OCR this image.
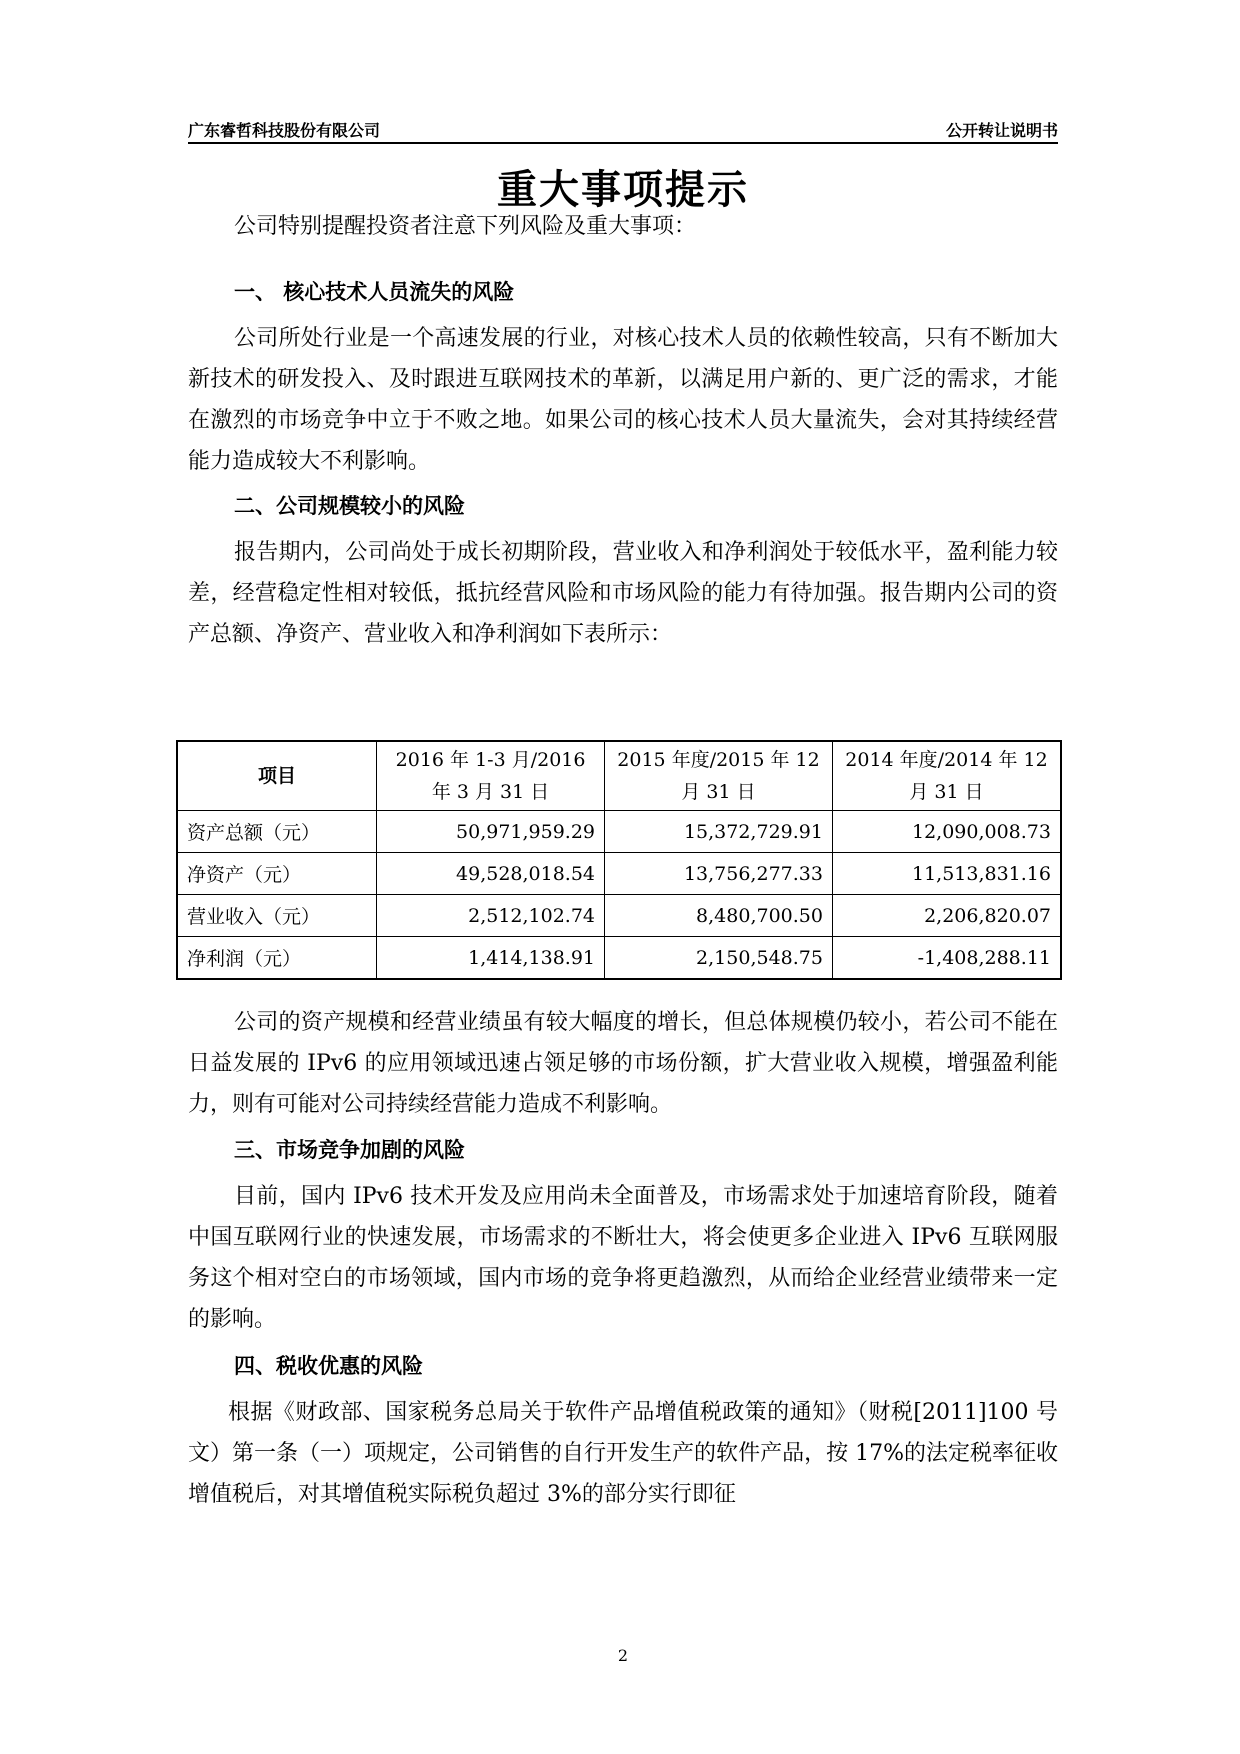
广东睿哲科技股份有限公司	公开转让说明书
重大事项提示

公司特别提醒投资者注意下列风险及重大事项：

一、 核心技术人员流失的风险

公司所处行业是一个高速发展的行业，对核心技术人员的依赖性较高，只有不断加大新技术的研发投入、及时跟进互联网技术的革新，以满足用户新的、更广泛的需求，才能在激烈的市场竞争中立于不败之地。如果公司的核心技术人员大量流失，会对其持续经营能力造成较大不利影响。

二、公司规模较小的风险

报告期内，公司尚处于成长初期阶段，营业收入和净利润处于较低水平，盈利能力较差，经营稳定性相对较低，抵抗经营风险和市场风险的能力有待加强。报告期内公司的资产总额、净资产、营业收入和净利润如下表所示：

项目	2016 年 1-3 月/2016 年 3 月 31 日	2015 年度/2015 年 12 月 31 日	2014 年度/2014 年 12 月 31 日
资产总额（元）	50,971,959.29	15,372,729.91	12,090,008.73
净资产（元）	49,528,018.54	13,756,277.33	11,513,831.16
营业收入（元）	2,512,102.74	8,480,700.50	2,206,820.07
净利润（元）	1,414,138.91	2,150,548.75	-1,408,288.11

公司的资产规模和经营业绩虽有较大幅度的增长，但总体规模仍较小，若公司不能在日益发展的 IPv6 的应用领域迅速占领足够的市场份额，扩大营业收入规模，增强盈利能力，则有可能对公司持续经营能力造成不利影响。

三、市场竞争加剧的风险

目前，国内 IPv6 技术开发及应用尚未全面普及，市场需求处于加速培育阶段，随着中国互联网行业的快速发展，市场需求的不断壮大，将会使更多企业进入 IPv6 互联网服务这个相对空白的市场领域，国内市场的竞争将更趋激烈，从而给企业经营业绩带来一定的影响。

四、税收优惠的风险

根据《财政部、国家税务总局关于软件产品增值税政策的通知》（财税[2011]100 号文）第一条（一）项规定，公司销售的自行开发生产的软件产品，按 17%的法定税率征收增值税后，对其增值税实际税负超过 3%的部分实行即征

2
